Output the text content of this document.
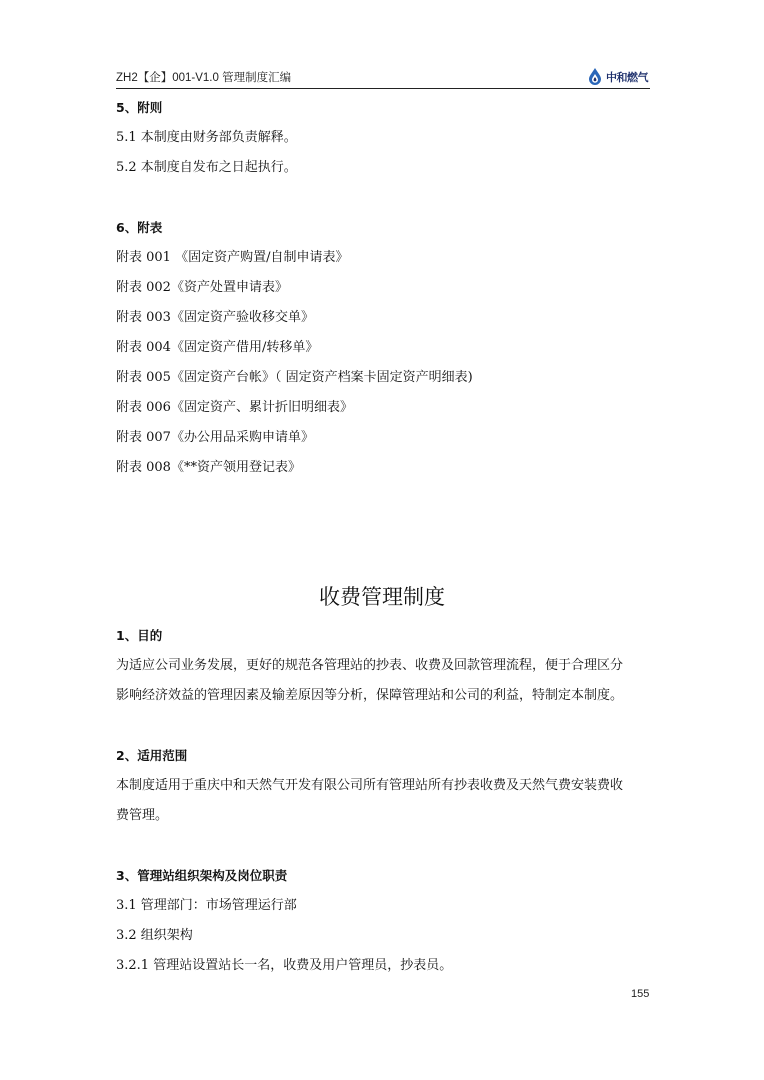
ZH2【企】001-V1.0 管理制度汇编	中和燃气
5、附则
5.1 本制度由财务部负责解释。
5.2 本制度自发布之日起执行。
6、附表
附表 001 《固定资产购置/自制申请表》
附表 002《资产处置申请表》
附表 003《固定资产验收移交单》
附表 004《固定资产借用/转移单》
附表 005《固定资产台帐》（ 固定资产档案卡固定资产明细表)
附表 006《固定资产、累计折旧明细表》
附表 007《办公用品采购申请单》
附表 008《**资产领用登记表》
收费管理制度
1、目的
为适应公司业务发展，更好的规范各管理站的抄表、收费及回款管理流程，便于合理区分
影响经济效益的管理因素及输差原因等分析，保障管理站和公司的利益，特制定本制度。
2、适用范围
本制度适用于重庆中和天然气开发有限公司所有管理站所有抄表收费及天然气费安装费收
费管理。
3、管理站组织架构及岗位职责
3.1 管理部门：市场管理运行部
3.2 组织架构
3.2.1 管理站设置站长一名，收费及用户管理员，抄表员。
155
